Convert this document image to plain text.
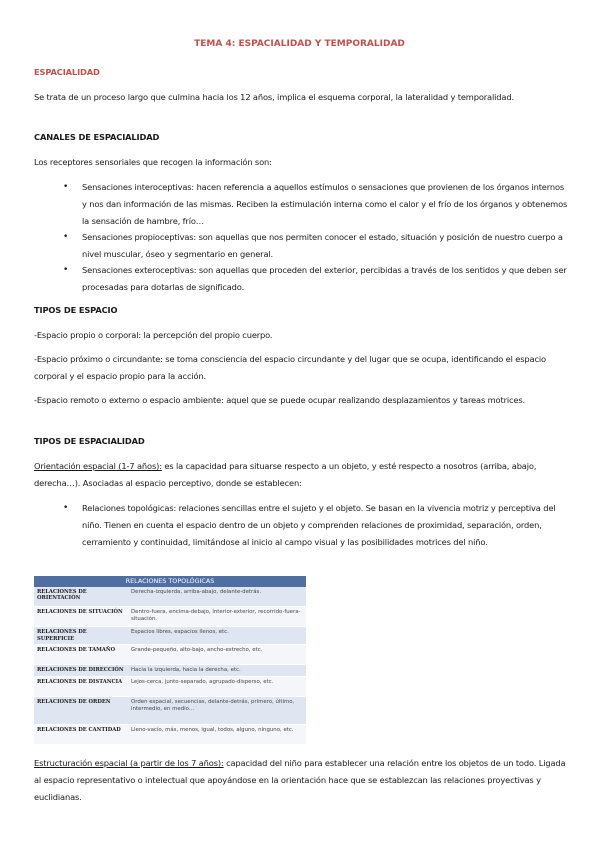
TEMA 4: ESPACIALIDAD Y TEMPORALIDAD

ESPACIALIDAD

Se trata de un proceso largo que culmina hacia los 12 años, implica el esquema corporal, la lateralidad y temporalidad.

CANALES DE ESPACIALIDAD

Los receptores sensoriales que recogen la información son:

• Sensaciones interoceptivas: hacen referencia a aquellos estímulos o sensaciones que provienen de los órganos internos y nos dan información de las mismas. Reciben la estimulación interna como el calor y el frío de los órganos y obtenemos la sensación de hambre, frío…

• Sensaciones propioceptivas: son aquellas que nos permiten conocer el estado, situación y posición de nuestro cuerpo a nivel muscular, óseo y segmentario en general.

• Sensaciones exteroceptivas: son aquellas que proceden del exterior, percibidas a través de los sentidos y que deben ser procesadas para dotarlas de significado.

TIPOS DE ESPACIO

-Espacio propio o corporal: la percepción del propio cuerpo.

-Espacio próximo o circundante: se toma consciencia del espacio circundante y del lugar que se ocupa, identificando el espacio corporal y el espacio propio para la acción.

-Espacio remoto o externo o espacio ambiente: aquel que se puede ocupar realizando desplazamientos y tareas motrices.

TIPOS DE ESPACIALIDAD

Orientación espacial (1-7 años): es la capacidad para situarse respecto a un objeto, y esté respecto a nosotros (arriba, abajo, derecha…). Asociadas al espacio perceptivo, donde se establecen:

• Relaciones topológicas: relaciones sencillas entre el sujeto y el objeto. Se basan en la vivencia motriz y perceptiva del niño. Tienen en cuenta el espacio dentro de un objeto y comprenden relaciones de proximidad, separación, orden, cerramiento y continuidad, limitándose al inicio al campo visual y las posibilidades motrices del niño.

RELACIONES TOPOLÓGICAS	
RELACIONES DE ORIENTACIÓN	Derecha-izquierda, arriba-abajo, delante-detrás.
RELACIONES DE SITUACIÓN	Dentro-fuera, encima-debajo, interior-exterior, recorrido-fuera-situación.
RELACIONES DE SUPERFICIE	Espacios libres, espacios llenos, etc.
RELACIONES DE TAMAÑO	Grande-pequeño, alto-bajo, ancho-estrecho, etc.
RELACIONES DE DIRECCIÓN	Hacia la izquierda, hacia la derecha, etc.
RELACIONES DE DISTANCIA	Lejos-cerca, junto-separado, agrupado-disperso, etc.
RELACIONES DE ORDEN	Orden espacial, secuencias, delante-detrás, primero, último, intermedio, en medio…
RELACIONES DE CANTIDAD	Lleno-vacío, más, menos, igual, todos, alguno, ninguno, etc.

Estructuración espacial (a partir de los 7 años): capacidad del niño para establecer una relación entre los objetos de un todo. Ligada al espacio representativo o intelectual que apoyándose en la orientación hace que se establezcan las relaciones proyectivas y euclidianas.
